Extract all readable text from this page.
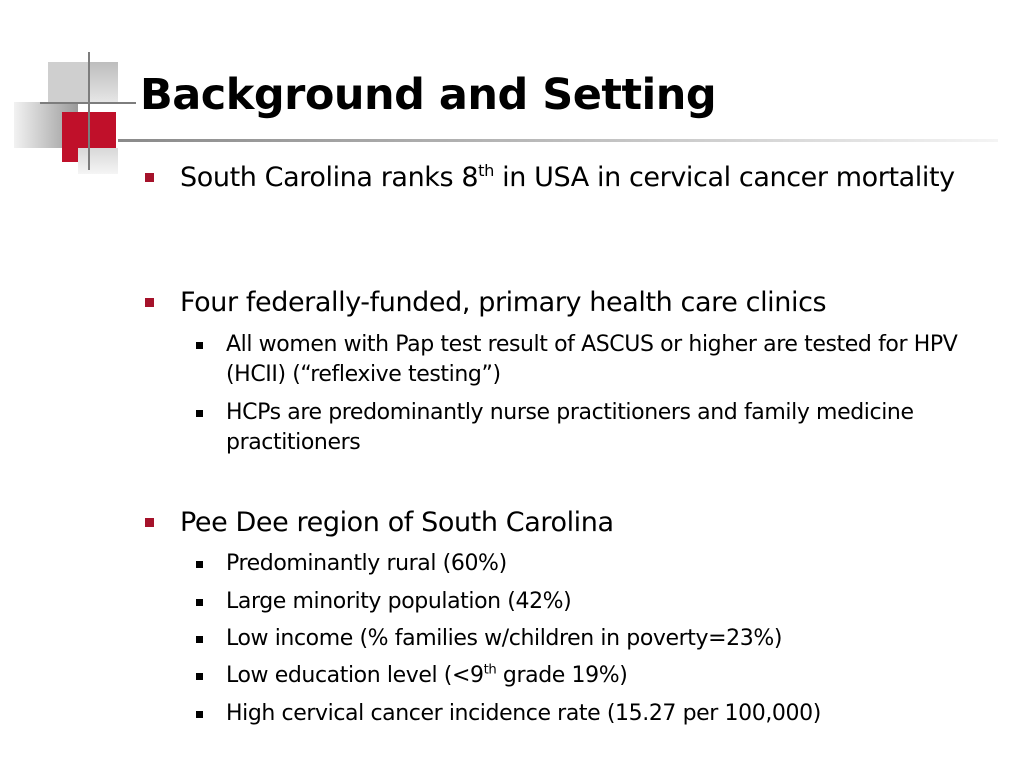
Background and Setting
South Carolina ranks 8th in USA in cervical cancer mortality
Four federally-funded, primary health care clinics
All women with Pap test result of ASCUS or higher are tested for HPV (HCII) (“reflexive testing”)
HCPs are predominantly nurse practitioners and family medicine practitioners
Pee Dee region of South Carolina
Predominantly rural (60%)
Large minority population (42%)
Low income (% families w/children in poverty=23%)
Low education level (<9th grade 19%)
High cervical cancer incidence rate (15.27 per 100,000)
